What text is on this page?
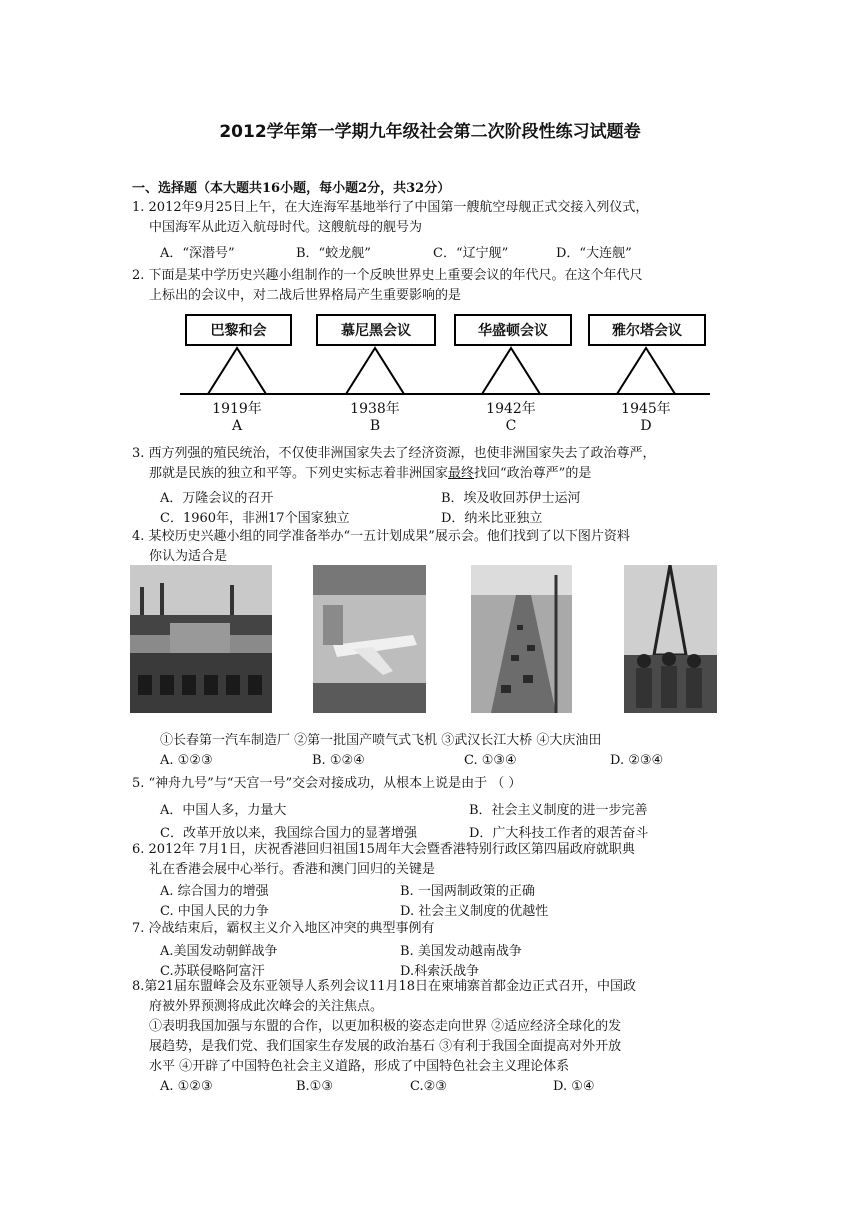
2012学年第一学期九年级社会第二次阶段性练习试题卷
一、选择题（本大题共16小题，每小题2分，共32分）
1. 2012年9月25日上午，在大连海军基地举行了中国第一艘航空母舰正式交接入列仪式，
中国海军从此迈入航母时代。这艘航母的舰号为
A．“深潜号”	B．“蛟龙舰”	C．“辽宁舰”	D．“大连舰”
2. 下面是某中学历史兴趣小组制作的一个反映世界史上重要会议的年代尺。在这个年代尺
上标出的会议中，对二战后世界格局产生重要影响的是
巴黎和会	慕尼黑会议	华盛顿会议	雅尔塔会议
1919年	1938年	1942年	1945年
A	B	C	D
3. 西方列强的殖民统治，不仅使非洲国家失去了经济资源，也使非洲国家失去了政治尊严，
那就是民族的独立和平等。下列史实标志着非洲国家最终找回“政治尊严”的是
A．万隆会议的召开	B．埃及收回苏伊士运河
C．1960年，非洲17个国家独立	D．纳米比亚独立
4. 某校历史兴趣小组的同学准备举办“一五计划成果”展示会。他们找到了以下图片资料
你认为适合是
①长春第一汽车制造厂 ②第一批国产喷气式飞机 ③武汉长江大桥 ④大庆油田
A. ①②③	B. ①②④	C. ①③④	D. ②③④
5. “神舟九号”与“天宫一号”交会对接成功，从根本上说是由于 （ ）
A．中国人多，力量大	B．社会主义制度的进一步完善
C．改革开放以来，我国综合国力的显著增强	D．广大科技工作者的艰苦奋斗
6. 2012年 7月1日，庆祝香港回归祖国15周年大会暨香港特别行政区第四届政府就职典
礼在香港会展中心举行。香港和澳门回归的关键是
A. 综合国力的增强	B. 一国两制政策的正确
C. 中国人民的力争	D. 社会主义制度的优越性
7. 冷战结束后，霸权主义介入地区冲突的典型事例有
A.美国发动朝鲜战争	B. 美国发动越南战争
C.苏联侵略阿富汗	D.科索沃战争
8.第21届东盟峰会及东亚领导人系列会议11月18日在柬埔寨首都金边正式召开，中国政
府被外界预测将成此次峰会的关注焦点。
①表明我国加强与东盟的合作，以更加积极的姿态走向世界 ②适应经济全球化的发
展趋势，是我们党、我们国家生存发展的政治基石 ③有利于我国全面提高对外开放
水平 ④开辟了中国特色社会主义道路，形成了中国特色社会主义理论体系
A. ①②③	B.①③	C.②③	D. ①④
